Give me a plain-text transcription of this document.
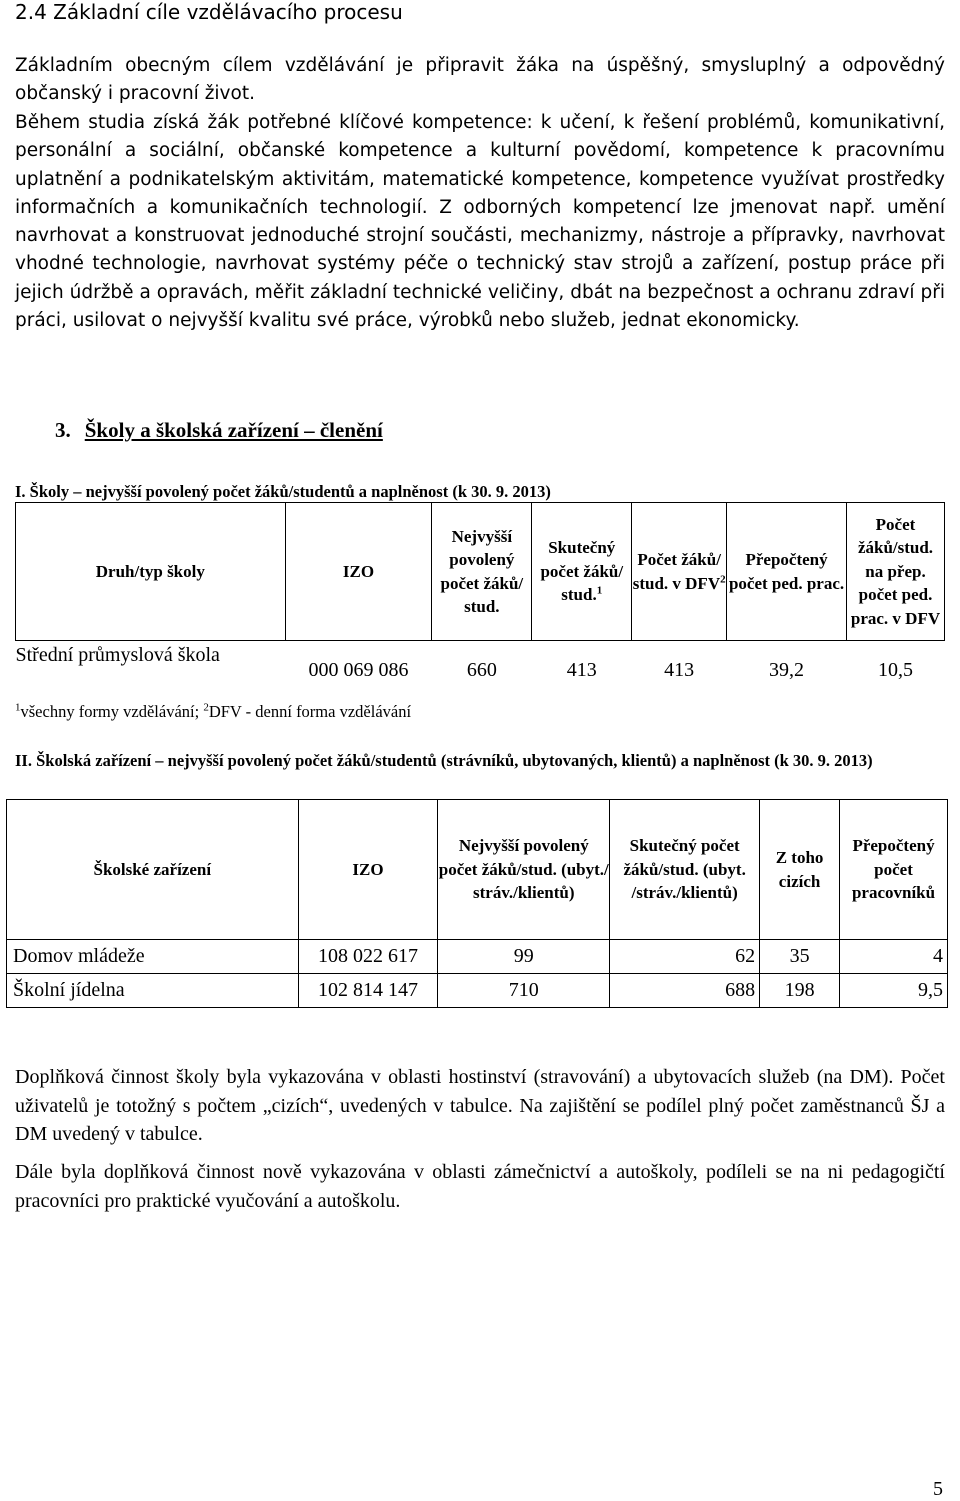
2.4 Základní cíle vzdělávacího procesu
Základním obecným cílem vzdělávání je připravit žáka na úspěšný, smysluplný a odpovědný občanský i pracovní život.
Během studia získá žák potřebné klíčové kompetence: k učení, k řešení problémů, komunikativní, personální a sociální, občanské kompetence a kulturní povědomí, kompetence k pracovnímu uplatnění a podnikatelským aktivitám, matematické kompetence, kompetence využívat prostředky informačních a komunikačních technologií. Z odborných kompetencí lze jmenovat např. umění navrhovat a konstruovat jednoduché strojní součásti, mechanizmy, nástroje a přípravky, navrhovat vhodné technologie, navrhovat systémy péče o technický stav strojů a zařízení, postup práce při jejich údržbě a opravách, měřit základní technické veličiny, dbát na bezpečnost a ochranu zdraví při práci, usilovat o nejvyšší kvalitu své práce, výrobků nebo služeb, jednat ekonomicky.
3. Školy a školská zařízení – členění
I. Školy – nejvyšší povolený počet žáků/studentů a naplněnost (k 30. 9. 2013)
Druh/typ školy	IZO	Nejvyšší povolený počet žáků/ stud.	Skutečný počet žáků/ stud.$^1$	Počet žáků/ stud. v DFV$^2$	Přepočtený počet ped. prac.	Počet žáků/stud. na přep. počet ped. prac. v DFV
Střední průmyslová škola	000 069 086	660	413	413	39,2	10,5
$^1$všechny formy vzdělávání; $^2$DFV - denní forma vzdělávání
II. Školská zařízení – nejvyšší povolený počet žáků/studentů (strávníků, ubytovaných, klientů) a naplněnost (k 30. 9. 2013)
Školské zařízení	IZO	Nejvyšší povolený počet žáků/stud. (ubyt./ stráv./klientů)	Skutečný počet žáků/stud. (ubyt. /stráv./klientů)	Z toho cizích	Přepočtený počet pracovníků
Domov mládeže	108 022 617	99	62	35	4
Školní jídelna	102 814 147	710	688	198	9,5
Doplňková činnost školy byla vykazována v oblasti hostinství (stravování) a ubytovacích služeb (na DM). Počet uživatelů je totožný s počtem „cizích“, uvedených v tabulce. Na zajištění se podílel plný počet zaměstnanců ŠJ a DM uvedený v tabulce.
Dále byla doplňková činnost nově vykazována v oblasti zámečnictví a autoškoly, podíleli se na ni pedagogičtí pracovníci pro praktické vyučování a autoškolu.
5
